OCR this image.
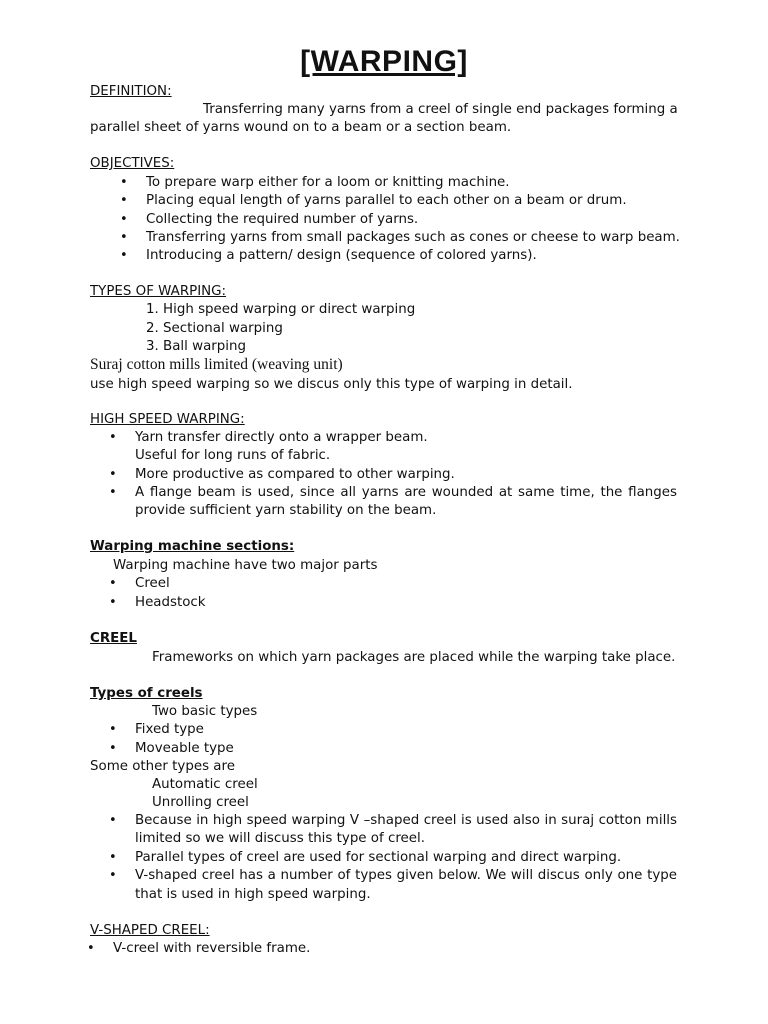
[WARPING]
DEFINITION:
Transferring many yarns from a creel of single end packages forming a
parallel sheet of yarns wound on to a beam or a section beam.
OBJECTIVES:
• To prepare warp either for a loom or knitting machine.
• Placing equal length of yarns parallel to each other on a beam or drum.
• Collecting the required number of yarns.
• Transferring yarns from small packages such as cones or cheese to warp beam.
• Introducing a pattern/ design (sequence of colored yarns).
TYPES OF WARPING:
1. High speed warping or direct warping
2. Sectional warping
3. Ball warping
Suraj cotton mills limited (weaving unit)
use high speed warping so we discus only this type of warping in detail.
HIGH SPEED WARPING:
• Yarn transfer directly onto a wrapper beam.
Useful for long runs of fabric.
• More productive as compared to other warping.
• A flange beam is used, since all yarns are wounded at same time, the flanges
provide sufficient yarn stability on the beam.
Warping machine sections:
Warping machine have two major parts
• Creel
• Headstock
CREEL
Frameworks on which yarn packages are placed while the warping take place.
Types of creels
Two basic types
• Fixed type
• Moveable type
Some other types are
Automatic creel
Unrolling creel
• Because in high speed warping V –shaped creel is used also in suraj cotton mills
limited so we will discuss this type of creel.
• Parallel types of creel are used for sectional warping and direct warping.
• V-shaped creel has a number of types given below. We will discus only one type
that is used in high speed warping.
V-SHAPED CREEL:
• V-creel with reversible frame.
